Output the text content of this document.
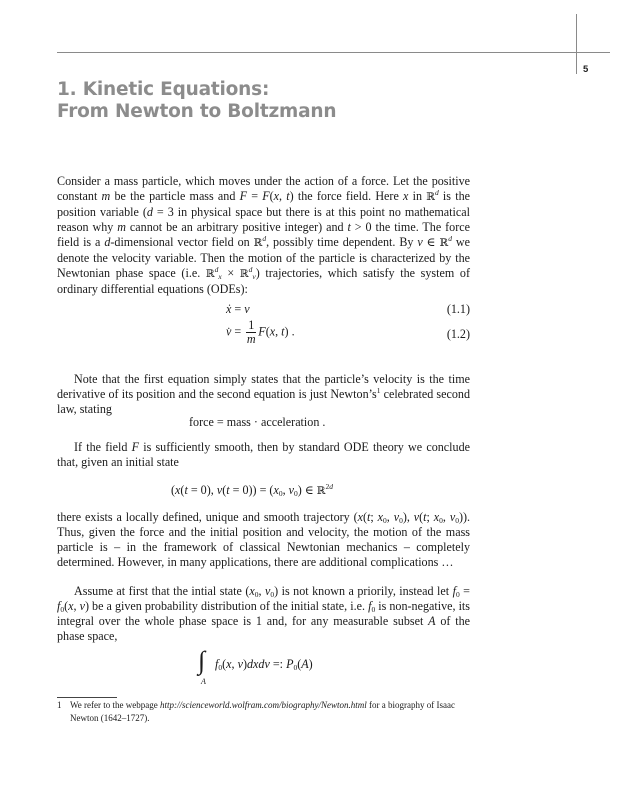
5
1. Kinetic Equations:
From Newton to Boltzmann
Consider a mass particle, which moves under the action of a force. Let the positive constant m be the particle mass and F = F(x, t) the force field. Here x in ℝ$^d$ is the position variable (d = 3 in physical space but there is at this point no mathematical reason why m cannot be an arbitrary positive integer) and t > 0 the time. The force field is a d-dimensional vector field on ℝ$^d$, possibly time dependent. By v ∈ ℝ$^d$ we denote the velocity variable. Then the motion of the particle is characterized by the Newtonian phase space (i.e. ℝ$^d_x$ × ℝ$^d_v$) trajectories, which satisfy the system of ordinary differential equations (ODEs):
ẋ = v	(1.1)
v̇ = $\frac{1}{m} F(x$, t) .	(1.2)
Note that the first equation simply states that the particle’s velocity is the time derivative of its position and the second equation is just $Newton’s^1$ celebrated second law, stating
force = mass · acceleration .
If the field F is sufficiently smooth, then by standard ODE theory we conclude that, given an initial state
(x(t = 0), $v(t = 0)) = (x_0$, $v_0$) ∈ ℝ$^{2d}$
there exists a locally defined, unique and smooth trajectory (x(t; $x_0$, $v_0$), v(t; $x_0$, $v_0$)). Thus, given the force and the initial position and velocity, the motion of the mass particle is – in the framework of classical Newtonian mechanics – completely determined. However, in many applications, there are additional complications …
Assume at first that the intial state ($x_0$, $v_0$) is not known a priorily, instead let $f_0 = f_0(x$, v) be a given probability distribution of the initial state, i.e. $f_0$ is non-negative, its integral over the whole phase space is 1 and, for any measurable subset A of the phase space,
∫
A
$f_0(x$, v)dxdv =: $P_0(A)$
1 We refer to the webpage http://scienceworld.wolfram.com/biography/Newton.html for a biography of Isaac Newton (1642–1727).
